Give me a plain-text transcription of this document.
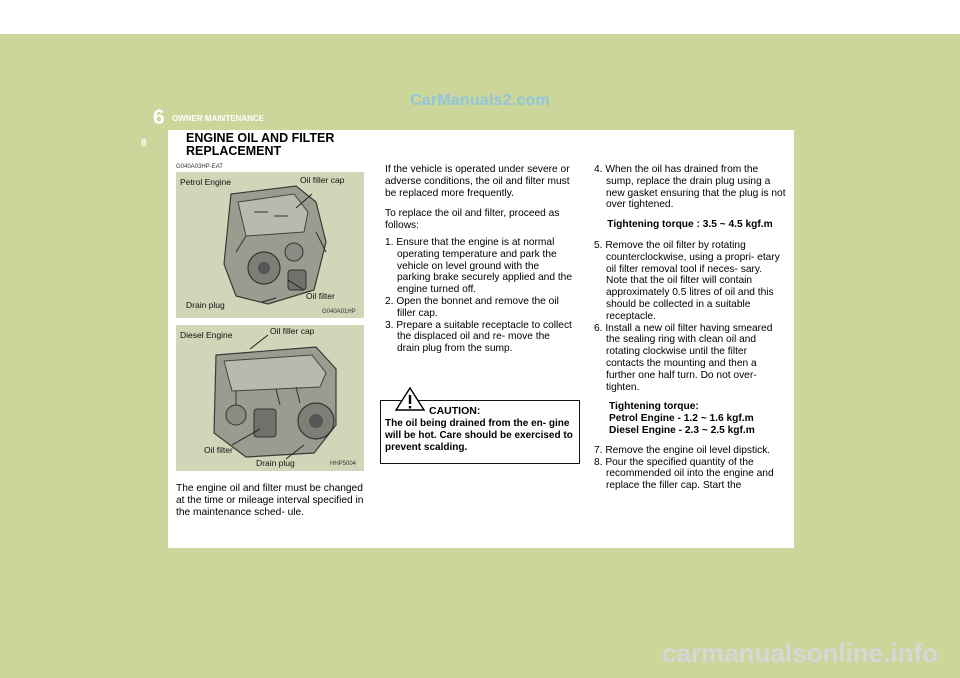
CarManuals2.com
6 OWNER MAINTENANCE
8	ENGINE OIL AND FILTER
REPLACEMENT
G040A03HP-EAT
Petrol Engine	Oil filler cap
Oil filter
Drain plug
G040A01HP
Diesel Engine	Oil filler cap
Oil filter
Drain plug	HHP5004

The engine oil and filter must be changed at the time or mileage interval specified in the maintenance sched- ule.

If the vehicle is operated under severe or adverse conditions, the oil and filter must be replaced more frequently.

To replace the oil and filter, proceed as follows:

1. Ensure that the engine is at normal operating temperature and park the vehicle on level ground with the parking brake securely applied and the engine turned off.

2. Open the bonnet and remove the oil filler cap.

3. Prepare a suitable receptacle to collect the displaced oil and re- move the drain plug from the sump.

CAUTION:
The oil being drained from the en- gine will be hot. Care should be exercised to prevent scalding.

4. When the oil has drained from the sump, replace the drain plug using a new gasket ensuring that the plug is not over tightened.

Tightening torque : 3.5 ~ 4.5 kgf.m

5. Remove the oil filter by rotating counterclockwise, using a propri- etary oil filter removal tool if neces- sary. Note that the oil filter will contain approximately 0.5 litres of oil and this should be collected in a suitable receptacle.

6. Install a new oil filter having smeared the sealing ring with clean oil and rotating clockwise until the filter contacts the mounting and then a further one half turn. Do not over-tighten.

Tightening torque:

Petrol Engine - 1.2 ~ 1.6 kgf.m

Diesel Engine - 2.3 ~ 2.5 kgf.m

7. Remove the engine oil level dipstick.

8. Pour the specified quantity of the recommended oil into the engine and replace the filler cap. Start the

carmanualsonline.info
